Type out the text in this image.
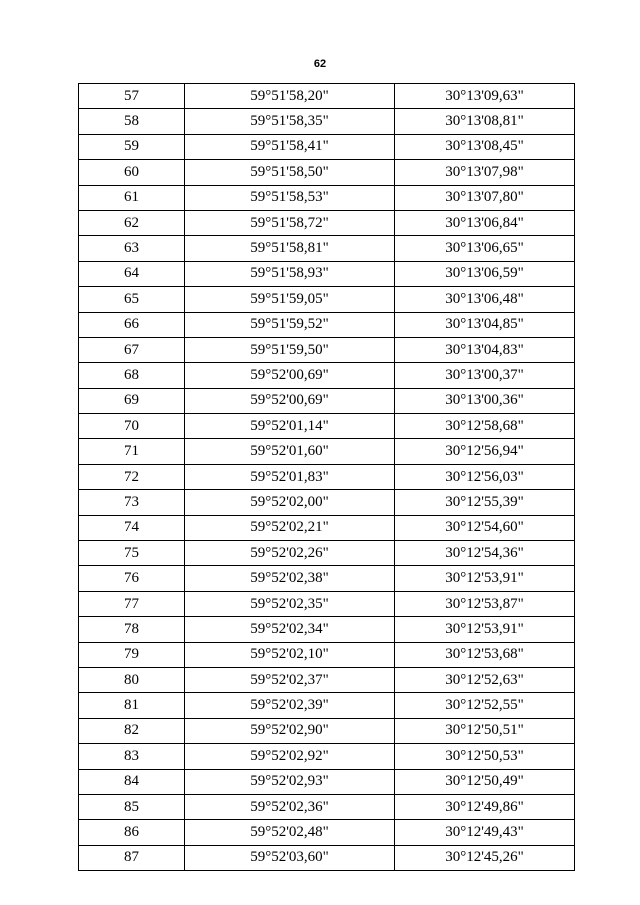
62
57	59°51'58,20"	30°13'09,63"
58	59°51'58,35"	30°13'08,81"
59	59°51'58,41"	30°13'08,45"
60	59°51'58,50"	30°13'07,98"
61	59°51'58,53"	30°13'07,80"
62	59°51'58,72"	30°13'06,84"
63	59°51'58,81"	30°13'06,65"
64	59°51'58,93"	30°13'06,59"
65	59°51'59,05"	30°13'06,48"
66	59°51'59,52"	30°13'04,85"
67	59°51'59,50"	30°13'04,83"
68	59°52'00,69"	30°13'00,37"
69	59°52'00,69"	30°13'00,36"
70	59°52'01,14"	30°12'58,68"
71	59°52'01,60"	30°12'56,94"
72	59°52'01,83"	30°12'56,03"
73	59°52'02,00"	30°12'55,39"
74	59°52'02,21"	30°12'54,60"
75	59°52'02,26"	30°12'54,36"
76	59°52'02,38"	30°12'53,91"
77	59°52'02,35"	30°12'53,87"
78	59°52'02,34"	30°12'53,91"
79	59°52'02,10"	30°12'53,68"
80	59°52'02,37"	30°12'52,63"
81	59°52'02,39"	30°12'52,55"
82	59°52'02,90"	30°12'50,51"
83	59°52'02,92"	30°12'50,53"
84	59°52'02,93"	30°12'50,49"
85	59°52'02,36"	30°12'49,86"
86	59°52'02,48"	30°12'49,43"
87	59°52'03,60"	30°12'45,26"
